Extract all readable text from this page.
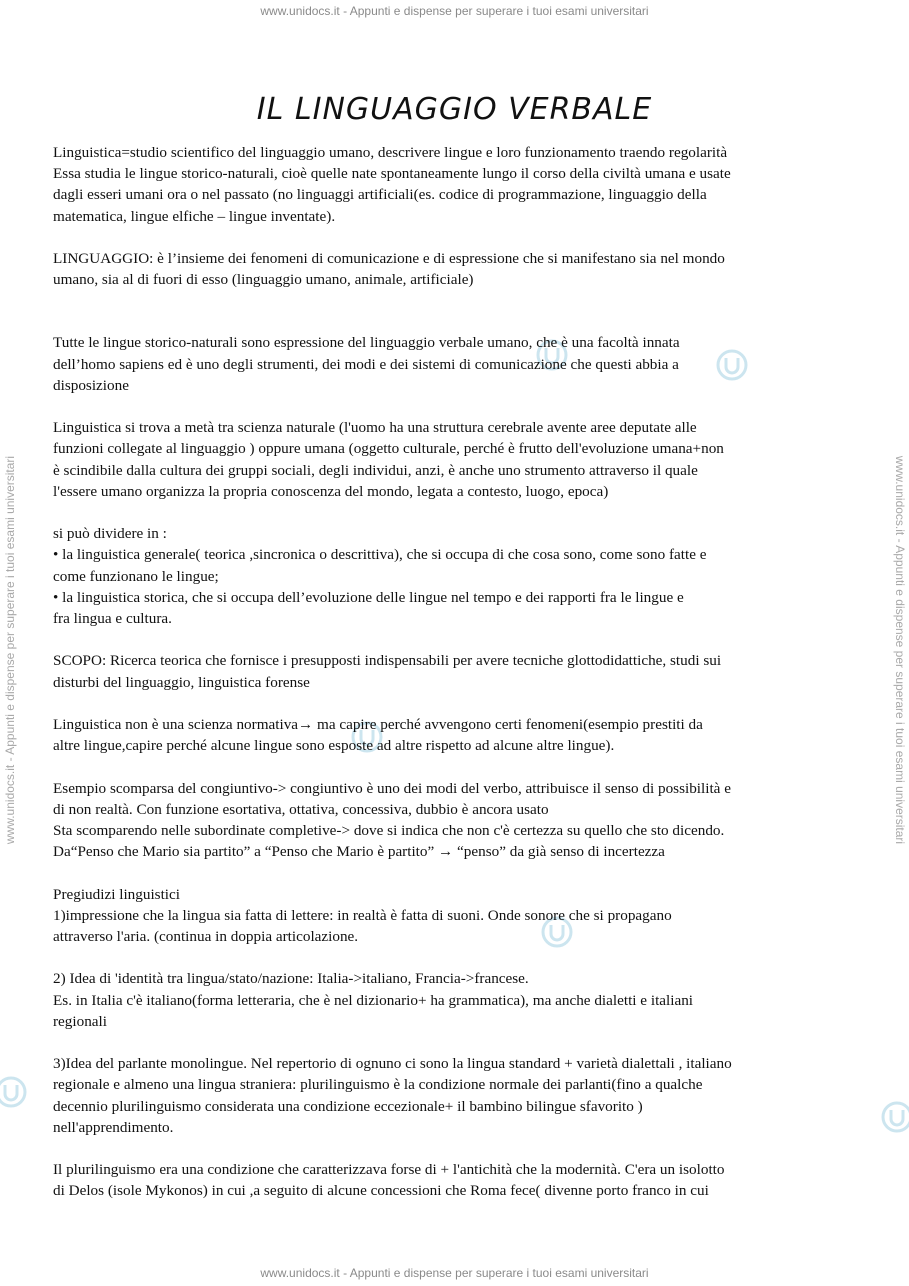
www.unidocs.it - Appunti e dispense per superare i tuoi esami universitari
www.unidocs.it - Appunti e dispense per superare i tuoi esami universitari	www.unidocs.it - Appunti e dispense per superare i tuoi esami universitari
IL LINGUAGGIO VERBALE
Linguistica=studio scientifico del linguaggio umano, descrivere lingue e loro funzionamento traendo regolarità
Essa studia le lingue storico-naturali, cioè quelle nate spontaneamente lungo il corso della civiltà umana e usate
dagli esseri umani ora o nel passato (no linguaggi artificiali(es. codice di programmazione, linguaggio della
matematica, lingue elfiche – lingue inventate).
LINGUAGGIO: è l’insieme dei fenomeni di comunicazione e di espressione che si manifestano sia nel mondo
umano, sia al di fuori di esso (linguaggio umano, animale, artificiale)
Tutte le lingue storico-naturali sono espressione del linguaggio verbale umano, che è una facoltà innata
dell’homo sapiens ed è uno degli strumenti, dei modi e dei sistemi di comunicazione che questi abbia a
disposizione
Linguistica si trova a metà tra scienza naturale (l'uomo ha una struttura cerebrale avente aree deputate alle
funzioni collegate al linguaggio ) oppure umana (oggetto culturale, perché è frutto dell'evoluzione umana+non
è scindibile dalla cultura dei gruppi sociali, degli individui, anzi, è anche uno strumento attraverso il quale
l'essere umano organizza la propria conoscenza del mondo, legata a contesto, luogo, epoca)
si può dividere in :
• la linguistica generale( teorica ,sincronica o descrittiva), che si occupa di che cosa sono, come sono fatte e
come funzionano le lingue;
• la linguistica storica, che si occupa dell’evoluzione delle lingue nel tempo e dei rapporti fra le lingue e
fra lingua e cultura.
SCOPO: Ricerca teorica che fornisce i presupposti indispensabili per avere tecniche glottodidattiche, studi sui
disturbi del linguaggio, linguistica forense
Linguistica non è una scienza normativa→ ma capire perché avvengono certi fenomeni(esempio prestiti da
altre lingue,capire perché alcune lingue sono esposte ad altre rispetto ad alcune altre lingue).
Esempio scomparsa del congiuntivo-> congiuntivo è uno dei modi del verbo, attribuisce il senso di possibilità e
di non realtà. Con funzione esortativa, ottativa, concessiva, dubbio è ancora usato
Sta scomparendo nelle subordinate completive-> dove si indica che non c'è certezza su quello che sto dicendo.
Da“Penso che Mario sia partito” a “Penso che Mario è partito” → “penso” da già senso di incertezza
Pregiudizi linguistici
1)impressione che la lingua sia fatta di lettere: in realtà è fatta di suoni. Onde sonore che si propagano
attraverso l'aria. (continua in doppia articolazione.
2) Idea di 'identità tra lingua/stato/nazione: Italia->italiano, Francia->francese.
Es. in Italia c'è italiano(forma letteraria, che è nel dizionario+ ha grammatica), ma anche dialetti e italiani
regionali
3)Idea del parlante monolingue. Nel repertorio di ognuno ci sono la lingua standard + varietà dialettali , italiano
regionale e almeno una lingua straniera: plurilinguismo è la condizione normale dei parlanti(fino a qualche
decennio plurilinguismo considerata una condizione eccezionale+ il bambino bilingue sfavorito )
nell'apprendimento.
Il plurilinguismo era una condizione che caratterizzava forse di + l'antichità che la modernità. C'era un isolotto
di Delos (isole Mykonos) in cui ,a seguito di alcune concessioni che Roma fece( divenne porto franco in cui
www.unidocs.it - Appunti e dispense per superare i tuoi esami universitari
